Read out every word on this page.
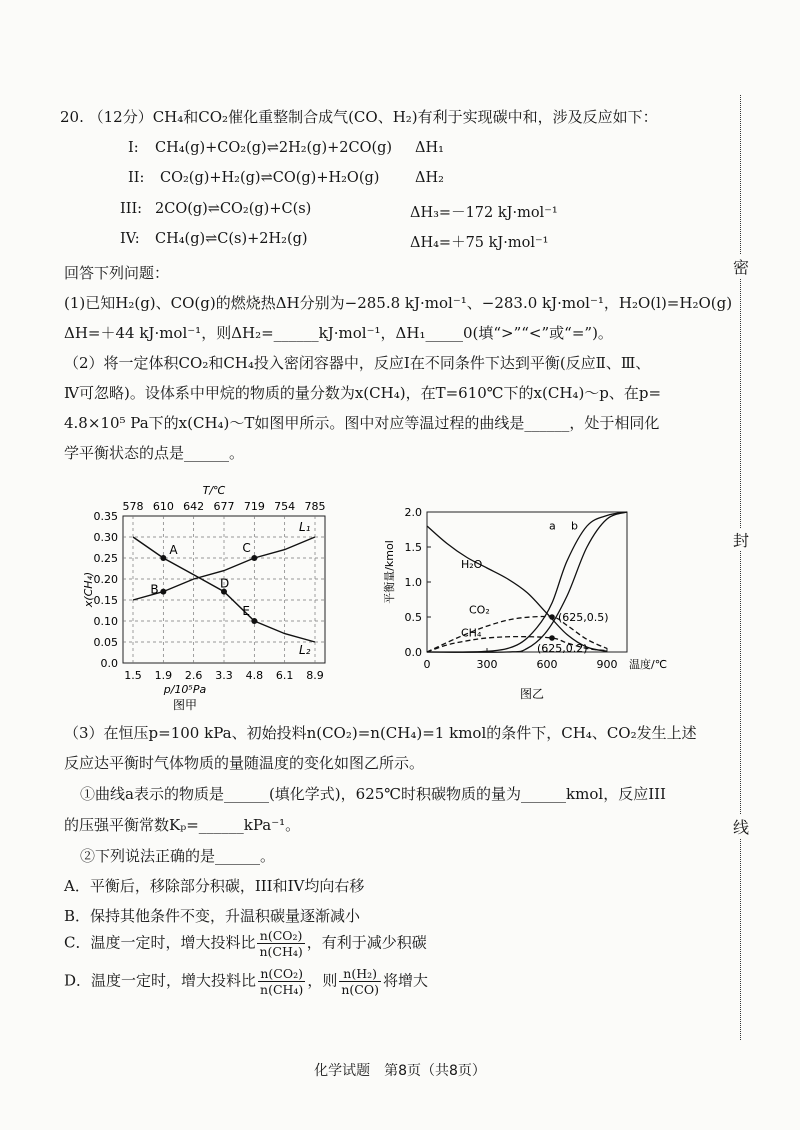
20. （12分）CH₄和CO₂催化重整制合成气(CO、H₂)有利于实现碳中和，涉及反应如下：
I: CH₄(g)+CO₂(g)⇌2H₂(g)+2CO(g) ΔH₁
II: CO₂(g)+H₂(g)⇌CO(g)+H₂O(g) ΔH₂
III: 2CO(g)⇌CO₂(g)+C(s)	ΔH₃=－172 kJ·mol⁻¹
IV: CH₄(g)⇌C(s)+2H₂(g)	ΔH₄=＋75 kJ·mol⁻¹
回答下列问题：
(1)已知H₂(g)、CO(g)的燃烧热ΔH分别为−285.8 kJ·mol⁻¹、−283.0 kJ·mol⁻¹，H₂O(l)=H₂O(g)
ΔH=＋44 kJ·mol⁻¹，则ΔH₂=______kJ·mol⁻¹，ΔH₁_____0(填“>”“<”或“=”)。
（2）将一定体积CO₂和CH₄投入密闭容器中，反应Ⅰ在不同条件下达到平衡(反应Ⅱ、Ⅲ、
Ⅳ可忽略)。设体系中甲烷的物质的量分数为x(CH₄)，在T=610℃下的x(CH₄)～p、在p=
4.8×10⁵ Pa下的x(CH₄)～T如图甲所示。图中对应等温过程的曲线是______，处于相同化
学平衡状态的点是______。
0.35
0.30
0.25
0.20
0.15
0.10
0.05
0.0
1.5
578
1.9
610
2.6
642
3.3
677
4.8
719
6.1
754
8.9
785
T/℃
p/10⁵Pa
图甲
x(CH₄)
L₁
L₂
A
B
C
D
E
2.0
1.5
1.0
0.5
0.0
0	300	600	900 温度/℃
图乙
平衡量/kmol
a b
H₂O
CO₂
CH₄
(625,0.5)
(625,0.2)
（3）在恒压p=100 kPa、初始投料n(CO₂)=n(CH₄)=1 kmol的条件下，CH₄、CO₂发生上述
反应达平衡时气体物质的量随温度的变化如图乙所示。
①曲线a表示的物质是______(填化学式)，625℃时积碳物质的量为______kmol，反应III
的压强平衡常数Kₚ=______kPa⁻¹。
②下列说法正确的是______。
A．平衡后，移除部分积碳，III和IV均向右移
B．保持其他条件不变，升温积碳量逐渐减小
C．温度一定时，增大投料比 $\frac{\text{n(CO₂)}}{\text{n(CH₄)}}$ ，有利于减少积碳
D．温度一定时，增大投料比 $\frac{\text{n(CO₂)}}{\text{n(CH₄)}}$ ，则 $\frac{\text{n(H₂)}}{n(CO)}$ 将增大
密
封
线
化学试题　第8页（共8页）
